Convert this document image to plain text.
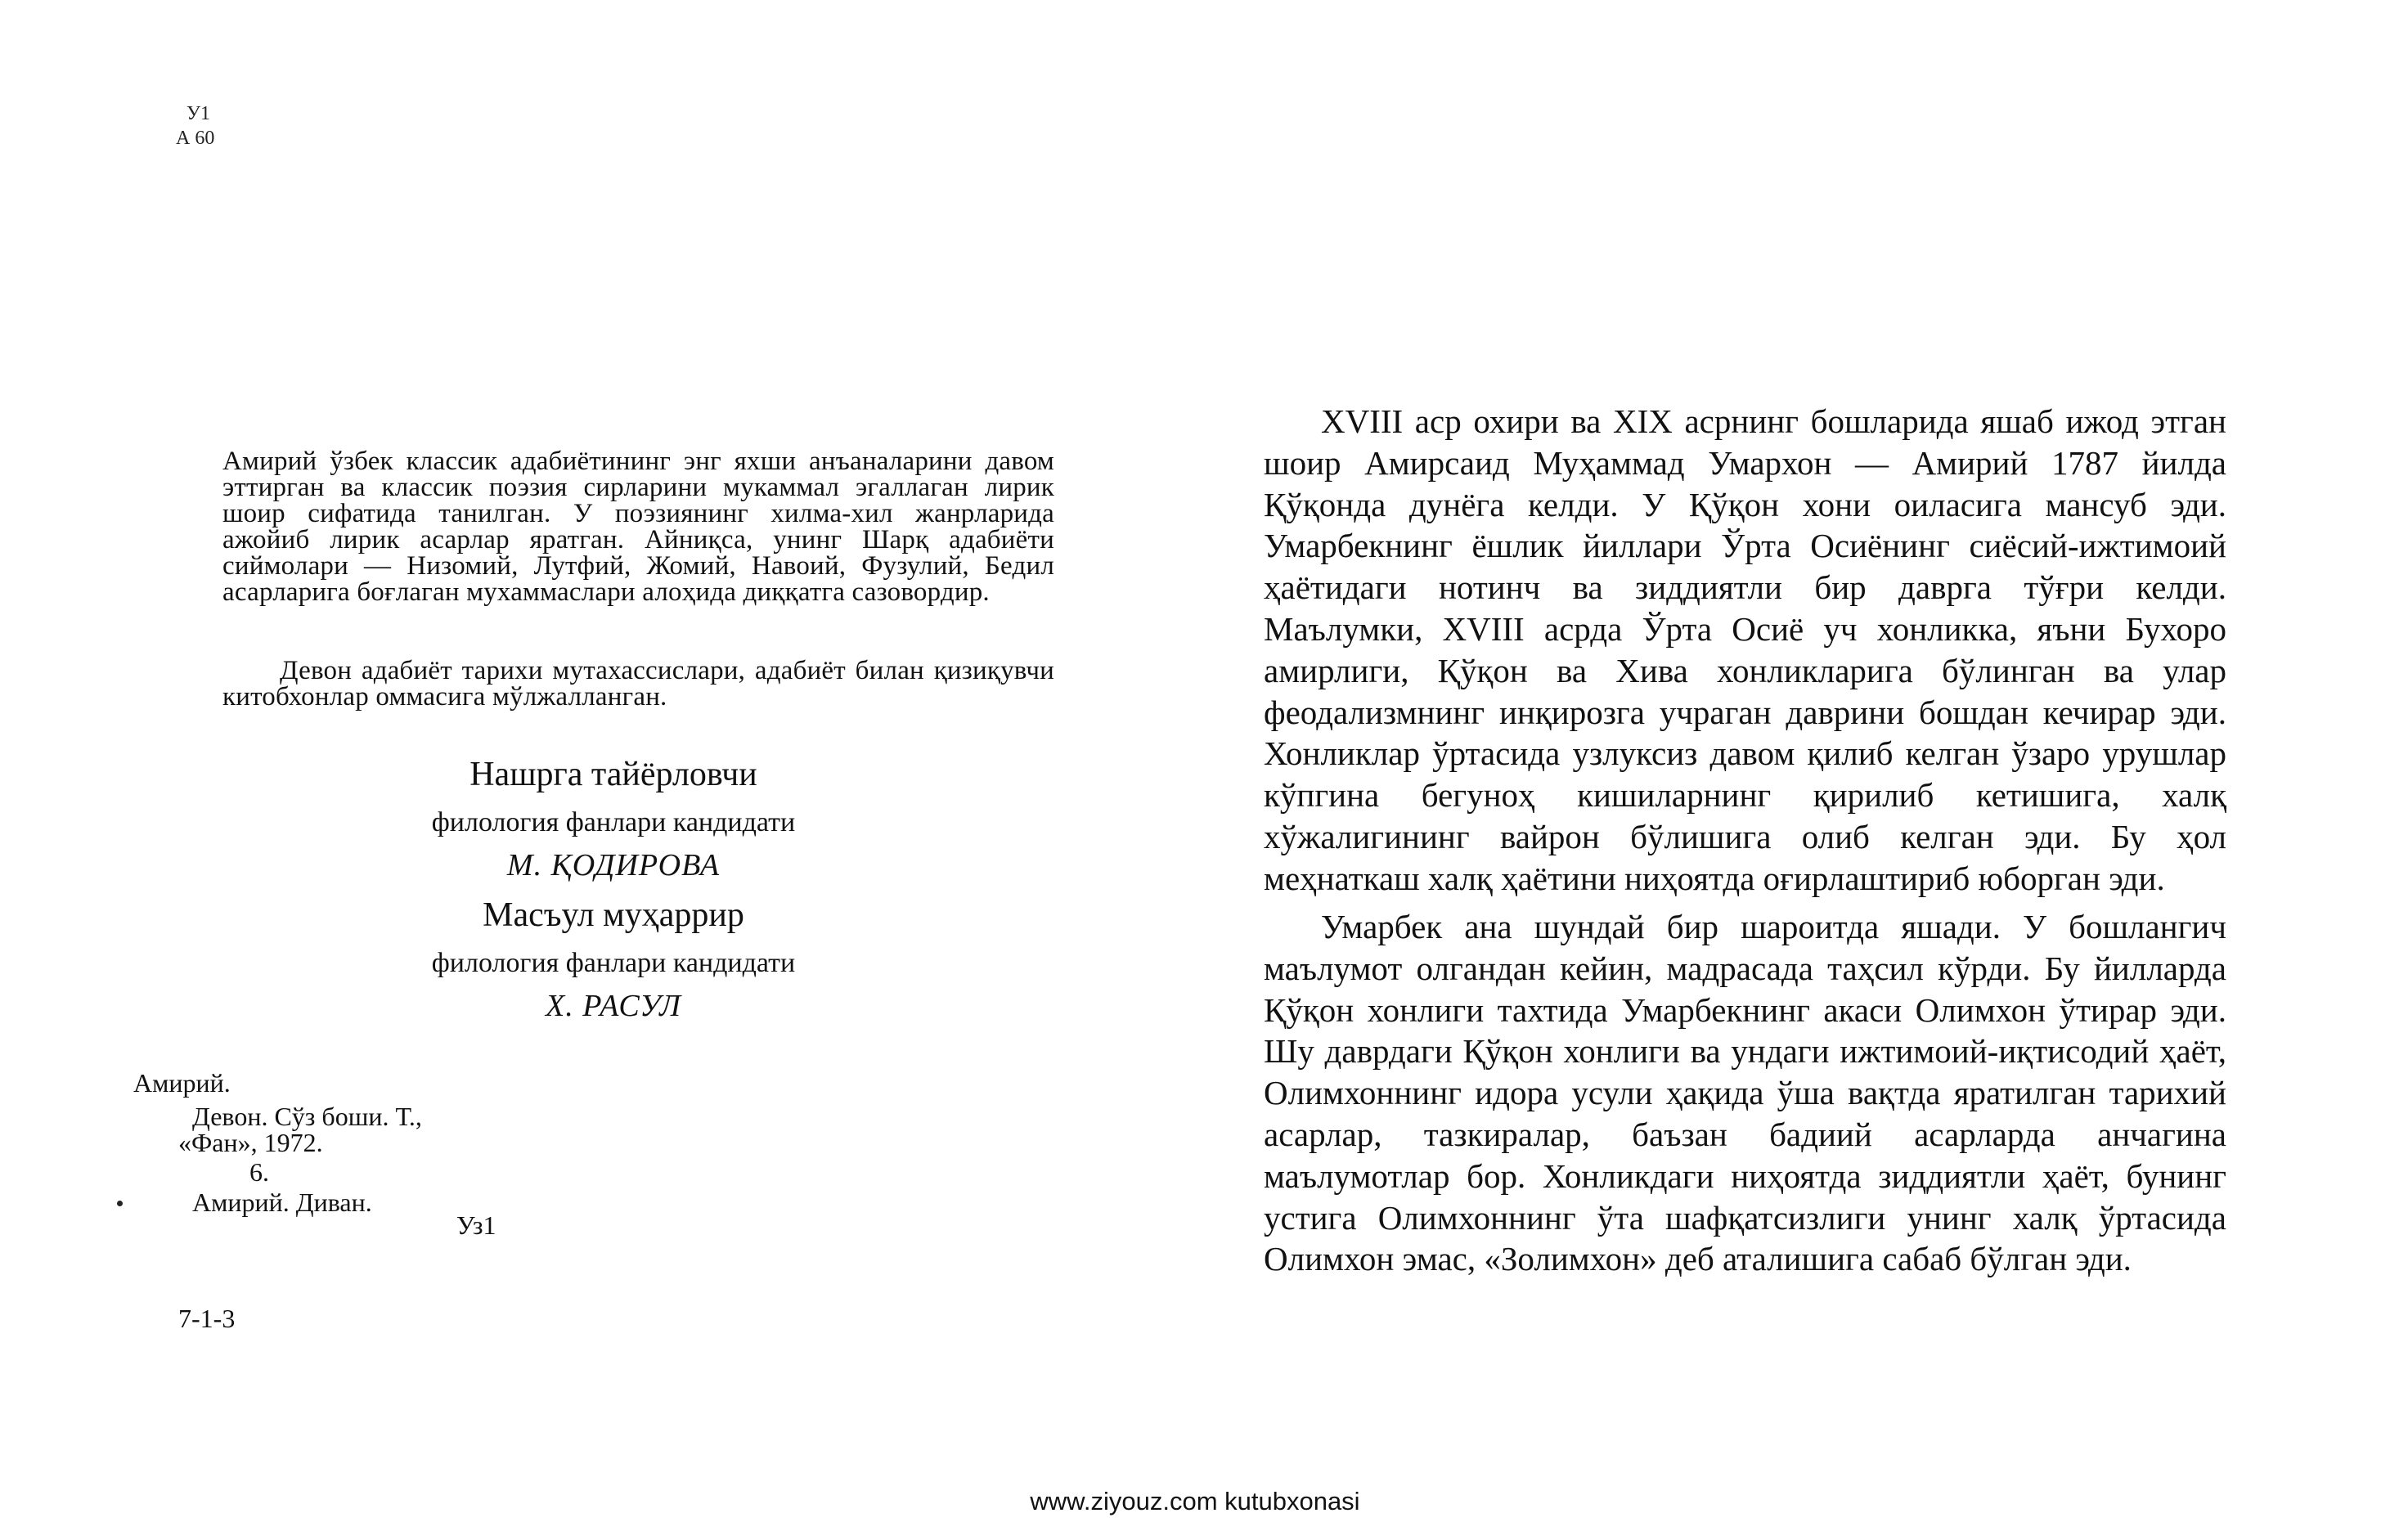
У1
А 60
Амирий ўзбек классик адабиётининг энг яхши анъаналарини давом эттирган ва классик поэзия сирларини мукаммал эгаллаган лирик шоир сифатида танилган. У поэзиянинг хилма-хил жанрларида ажойиб лирик асарлар яратган. Айниқса, унинг Шарқ адабиёти сиймолари — Низомий, Лутфий, Жомий, Навоий, Фузулий, Бедил асарларига боғлаган мухаммаслари алоҳида диққатга сазовордир.
Девон адабиёт тарихи мутахассислари, адабиёт билан қизиқувчи китобхонлар оммасига мўлжалланган.
Нашрга тайёрловчи
филология фанлари кандидати
М. ҚОДИРОВА
Масъул муҳаррир
филология фанлари кандидати
Х. РАСУЛ
Амирий.
Девон. Сўз боши. Т.,
«Фан», 1972.
6.
Амирий. Диван.
Уз1
7-1-3
XVIII аср охири ва XIX асрнинг бошларида яшаб ижод этган шоир Амирсаид Муҳаммад Умархон — Амирий 1787 йилда Қўқонда дунёга келди. У Қўқон хони оиласига мансуб эди. Умарбекнинг ёшлик йиллари Ўрта Осиёнинг сиёсий-ижтимоий ҳаётидаги нотинч ва зиддиятли бир даврга тўғри келди. Маълумки, XVIII асрда Ўрта Осиё уч хонликка, яъни Бухоро амирлиги, Қўқон ва Хива хонликларига бўлинган ва улар феодализмнинг инқирозга учраган даврини бошдан кечирар эди. Хонликлар ўртасида узлуксиз давом қилиб келган ўзаро урушлар кўпгина бегуноҳ кишиларнинг қирилиб кетишига, халқ хўжалигининг вайрон бўлишига олиб келган эди. Бу ҳол меҳнаткаш халқ ҳаётини ниҳоятда оғирлаштириб юборган эди.
Умарбек ана шундай бир шароитда яшади. У бошлангич маълумот олгандан кейин, мадрасада таҳсил кўрди. Бу йилларда Қўқон хонлиги тахтида Умарбекнинг акаси Олимхон ўтирар эди. Шу даврдаги Қўқон хонлиги ва ундаги ижтимоий-иқтисодий ҳаёт, Олимхоннинг идора усули ҳақида ўша вақтда яратилган тарихий асарлар, тазкиралар, баъзан бадиий асарларда анчагина маълумотлар бор. Хонликдаги ниҳоятда зиддиятли ҳаёт, бунинг устига Олимхоннинг ўта шафқатсизлиги унинг халқ ўртасида Олимхон эмас, «Золимхон» деб аталишига сабаб бўлган эди.
www.ziyouz.com kutubxonasi
